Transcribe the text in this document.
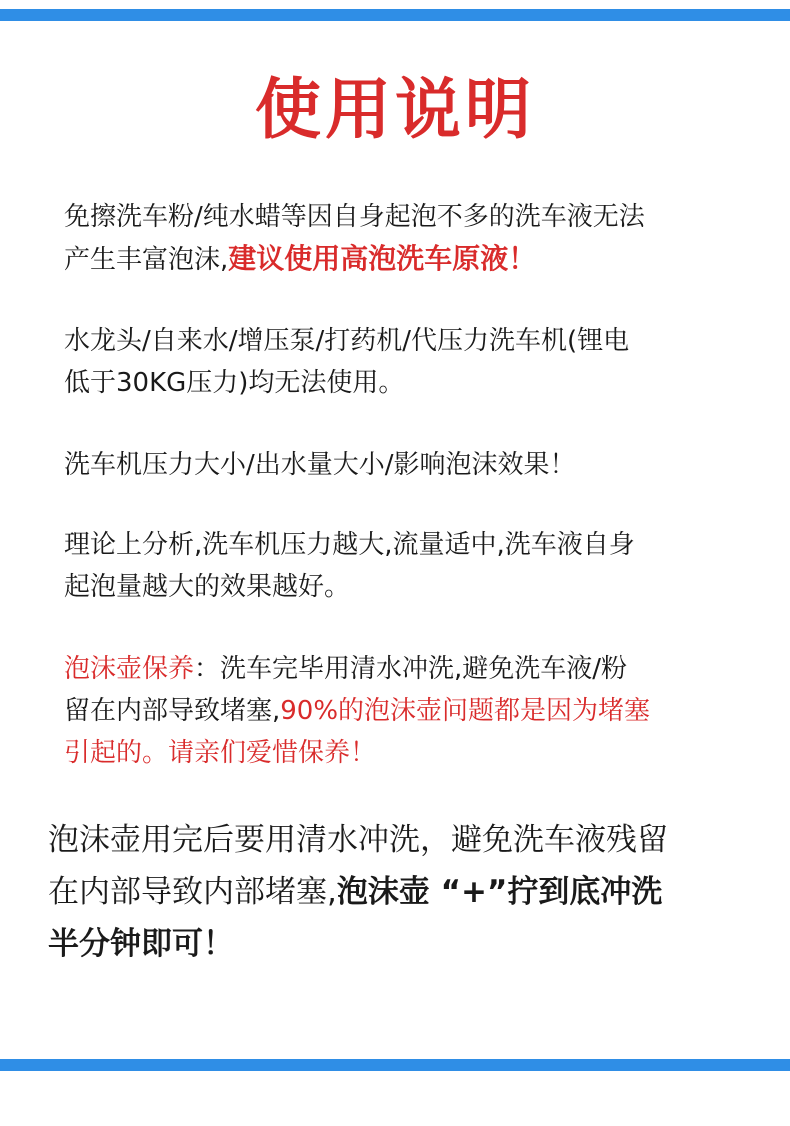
使用说明
免擦洗车粉/纯水蜡等因自身起泡不多的洗车液无法
产生丰富泡沫,建议使用高泡洗车原液！
水龙头/自来水/增压泵/打药机/代压力洗车机(锂电
低于30KG压力)均无法使用。
洗车机压力大小/出水量大小/影响泡沫效果！
理论上分析,洗车机压力越大,流量适中,洗车液自身
起泡量越大的效果越好。
泡沫壶保养：洗车完毕用清水冲洗,避免洗车液/粉
留在内部导致堵塞,90%的泡沫壶问题都是因为堵塞
引起的。请亲们爱惜保养！
泡沫壶用完后要用清水冲洗，避免洗车液残留
在内部导致内部堵塞,泡沫壶 “+”拧到底冲洗
半分钟即可！
